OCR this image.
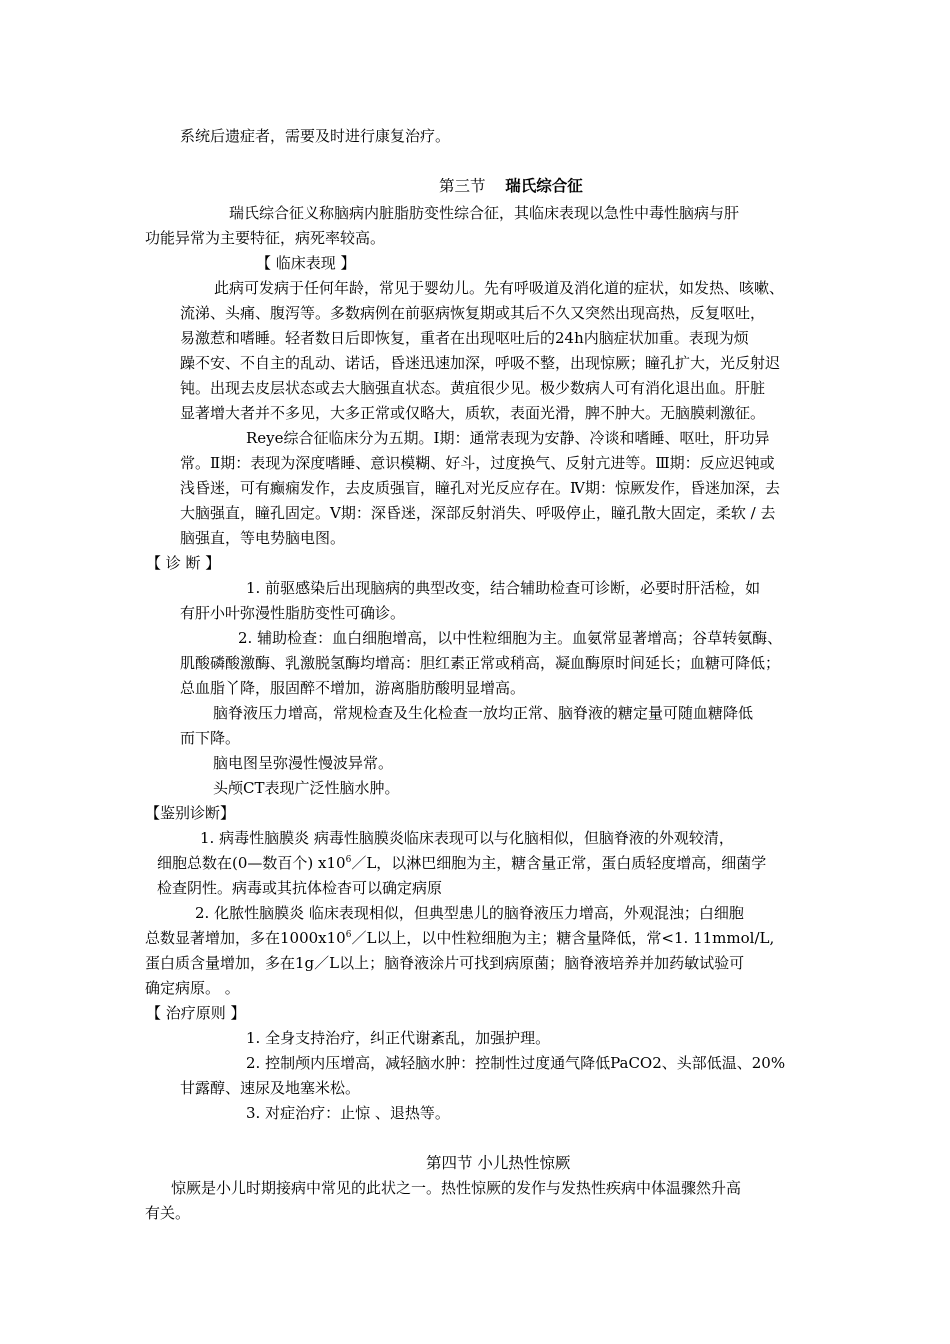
系统后遗症者，需要及时进行康复治疗。
第三节 瑞氏综合征
瑞氏综合征义称脑病内脏脂肪变性综合征，其临床表现以急性中毒性脑病与肝
功能异常为主要特征，病死率较高。
【 临床表现 】
此病可发病于任何年龄，常见于婴幼儿。先有呼吸道及消化道的症状，如发热、咳嗽、
流涕、头痛、腹泻等。多数病例在前驱病恢复期或其后不久又突然出现高热，反复呕吐，
易激惹和嗜睡。轻者数日后即恢复，重者在出现呕吐后的24h内脑症状加重。表现为烦
躁不安、不自主的乱动、诺话，昏迷迅速加深，呼吸不整，出现惊厥；瞳孔扩大，光反射迟
钝。出现去皮层状态或去大脑强直状态。黄疽很少见。极少数病人可有消化退出血。肝脏
显著增大者并不多见，大多正常或仅略大，质软，表面光滑，脾不肿大。无脑膜刺激征。
Reye综合征临床分为五期。I期：通常表现为安静、冷谈和嗜睡、呕吐，肝功异
常。Ⅱ期：表现为深度嗜睡、意识模糊、好斗，过度换气、反射亢进等。Ⅲ期：反应迟钝或
浅昏迷，可有癫痫发作，去皮质强盲，瞳孔对光反应存在。Ⅳ期：惊厥发作，昏迷加深，去
大脑强直，瞳孔固定。V期：深昏迷，深部反射消失、呼吸停止，瞳孔散大固定，柔软 / 去
脑强直，等电势脑电图。
【 诊 断 】
1. 前驱感染后出现脑病的典型改变，结合辅助检查可诊断，必要时肝活检，如
有肝小叶弥漫性脂肪变性可确诊。
2. 辅助检查：血白细胞增高，以中性粒细胞为主。血氨常显著增高；谷草转氨酶、
肌酸磷酸激酶、乳激脱氢酶均增高：胆红素正常或稍高，凝血酶原时间延长；血糖可降低；
总血脂丫降，服固醉不增加，游离脂肪酸明显增高。
脑脊液压力增高，常规检查及生化检查一放均正常、脑脊液的糖定量可随血糖降低
而下降。
脑电图呈弥漫性慢波异常。
头颅CT表现广泛性脑水肿。
【鉴别诊断】
1. 病毒性脑膜炎 病毒性脑膜炎临床表现可以与化脑相似，但脑脊液的外观较清，
细胞总数在(0—数百个) $x10^6/L$，以淋巴细胞为主，糖含量正常，蛋白质轻度增高，细菌学
检查阴性。病毒或其抗体检杳可以确定病原
2. 化脓性脑膜炎 临床表现相似，但典型患儿的脑脊液压力增高，外观混浊；白细胞
总数显著增加，多在$1000x10^6/L$以上，以中性粒细胞为主；糖含量降低，常<1. 11mmol/L,
蛋白质含量增加，多在1g／L以上；脑脊液涂片可找到病原菌；脑脊液培养并加药敏试验可
确定病原。 。
【 治疗原则 】
1. 全身支持治疗，纠正代谢紊乱，加强护理。
2. 控制颅内压增高，减轻脑水肿：控制性过度通气降低PaCO2、头部低温、20%
甘露醇、速尿及地塞米松。
3. 对症治疗：止惊 、退热等。
第四节 小儿热性惊厥
惊厥是小儿时期接病中常见的此状之一。热性惊厥的发作与发热性疾病中体温骤然升高
有关。
